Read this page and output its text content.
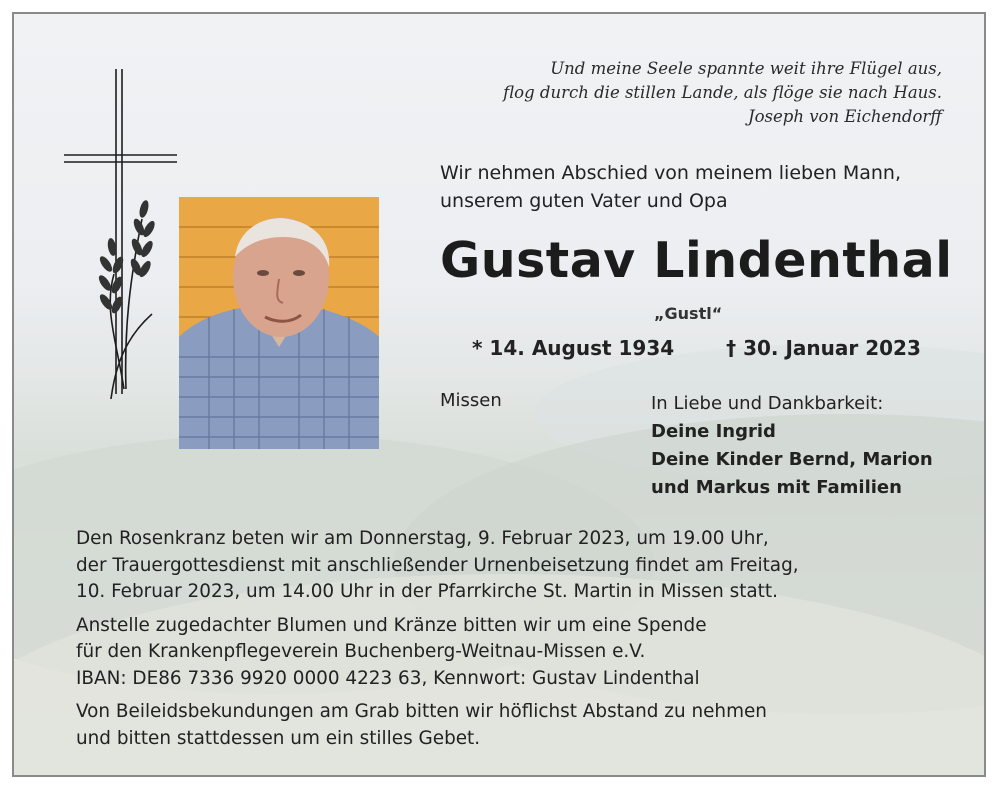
Und meine Seele spannte weit ihre Flügel aus,
flog durch die stillen Lande, als flöge sie nach Haus.
Joseph von Eichendorff
Wir nehmen Abschied von meinem lieben Mann,
unserem guten Vater und Opa
Gustav Lindenthal
„Gustl“
* 14. August 1934	† 30. Januar 2023
Missen	In Liebe und Dankbarkeit:
Deine Ingrid
Deine Kinder Bernd, Marion
und Markus mit Familien

Den Rosenkranz beten wir am Donnerstag, 9. Februar 2023, um 19.00 Uhr,
der Trauergottesdienst mit anschließender Urnenbeisetzung findet am Freitag,
10. Februar 2023, um 14.00 Uhr in der Pfarrkirche St. Martin in Missen statt.

Anstelle zugedachter Blumen und Kränze bitten wir um eine Spende
für den Krankenpflegeverein Buchenberg-Weitnau-Missen e.V.
IBAN: DE86 7336 9920 0000 4223 63, Kennwort: Gustav Lindenthal

Von Beileidsbekundungen am Grab bitten wir höflichst Abstand zu nehmen
und bitten stattdessen um ein stilles Gebet.
